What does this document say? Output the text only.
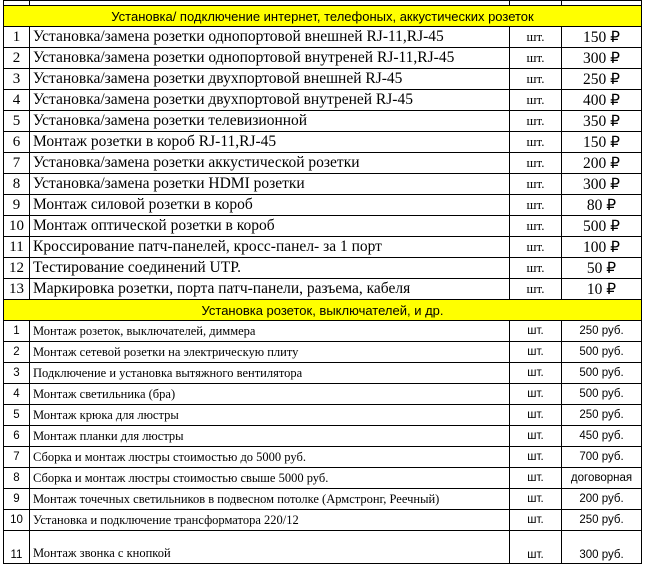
Установка/ подключение интернет, телефоных, аккустических розеток			
1	Установка/замена розетки однопортовой внешней RJ-11,RJ-45	шт.	150 ₽
2	Установка/замена розетки однопортовой внутреней RJ-11,RJ-45	шт.	300 ₽
3	Установка/замена розетки двухпортовой внешней RJ-45	шт.	250 ₽
4	Установка/замена розетки двухпортовой внутреней RJ-45	шт.	400 ₽
5	Установка/замена розетки телевизионной	шт.	350 ₽
6	Монтаж розетки в короб RJ-11,RJ-45	шт.	150 ₽
7	Установка/замена розетки аккустической розетки	шт.	200 ₽
8	Установка/замена розетки HDMI розетки	шт.	300 ₽
9	Монтаж силовой розетки в короб	шт.	80 ₽
10	Монтаж оптической розетки в короб	шт.	500 ₽
11	Кроссирование патч-панелей, кросс-панел- за 1 порт	шт.	100 ₽
12	Тестирование соединений UTP.	шт.	50 ₽
13	Маркировка розетки, порта патч-панели, разъема, кабеля	шт.	10 ₽
Установка розеток, выключателей, и др.			
1	Монтаж розеток, выключателей, диммера	шт.	250 руб.
2	Монтаж сетевой розетки на электрическую плиту	шт.	500 руб.
3	Подключение и установка вытяжного вентилятора	шт.	500 руб.
4	Монтаж светильника (бра)	шт.	500 руб.
5	Монтаж крюка для люстры	шт.	250 руб.
6	Монтаж планки для люстры	шт.	450 руб.
7	Сборка и монтаж люстры стоимостью до 5000 руб.	шт.	700 руб.
8	Сборка и монтаж люстры стоимостью свыше 5000 руб.	шт.	договорная
9	Монтаж точечных светильников в подвесном потолке (Армстронг, Реечный)	шт.	200 руб.
10	Установка и подключение трансформатора 220/12	шт.	250 руб.
11	Монтаж звонка с кнопкой	шт.	300 руб.
